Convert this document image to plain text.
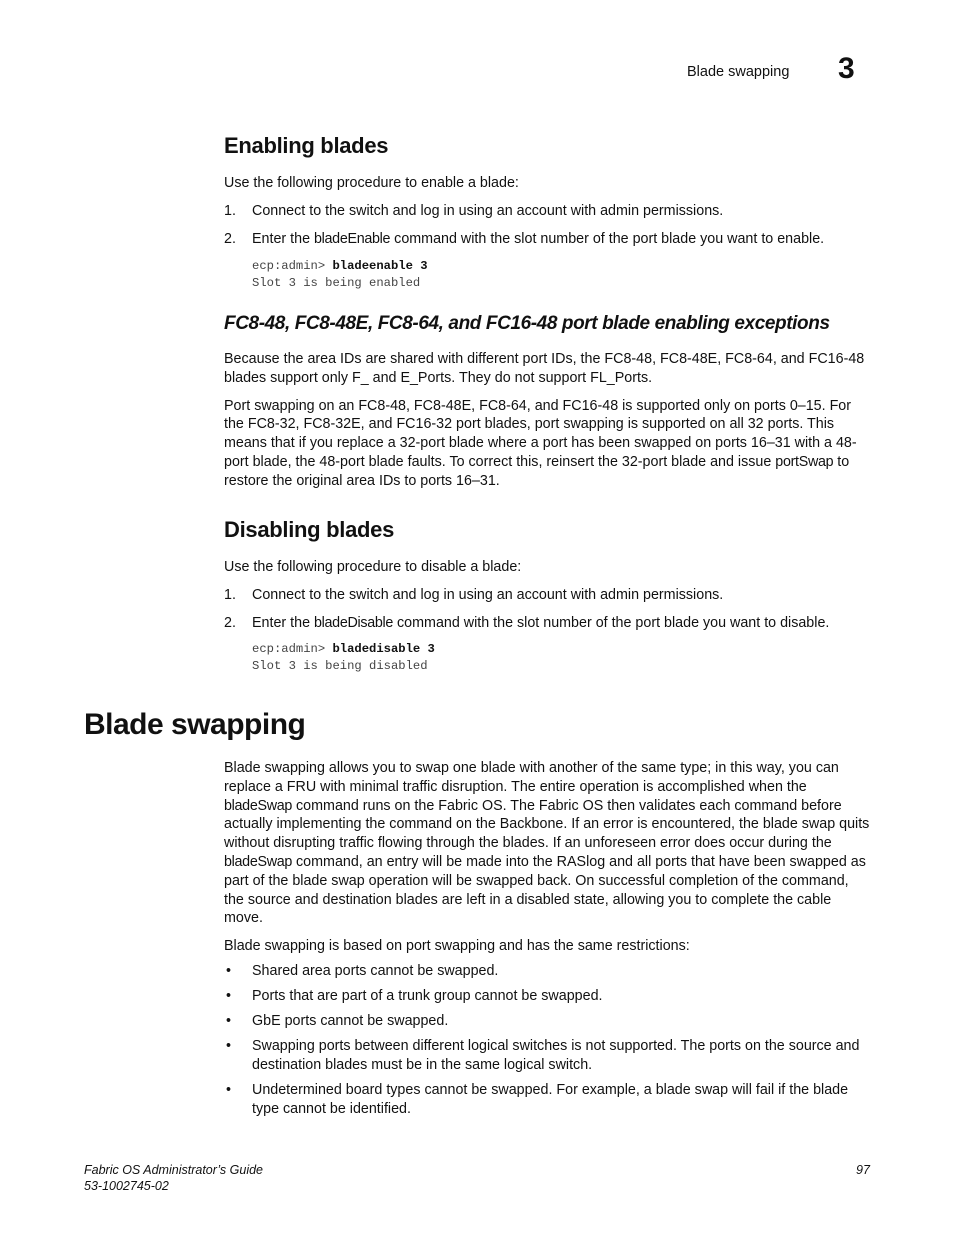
Blade swapping 3
Enabling blades

Use the following procedure to enable a blade:

1. Connect to the switch and log in using an account with admin permissions.
2. Enter the bladeEnable command with the slot number of the port blade you want to enable.
ecp:admin> bladeenable 3
Slot 3 is being enabled
FC8-48, FC8-48E, FC8-64, and FC16-48 port blade enabling exceptions

Because the area IDs are shared with different port IDs, the FC8-48, FC8-48E, FC8-64, and FC16-48 blades support only F_ and E_Ports. They do not support FL_Ports.

Port swapping on an FC8-48, FC8-48E, FC8-64, and FC16-48 is supported only on ports 0–15. For the FC8-32, FC8-32E, and FC16-32 port blades, port swapping is supported on all 32 ports. This means that if you replace a 32-port blade where a port has been swapped on ports 16–31 with a 48-port blade, the 48-port blade faults. To correct this, reinsert the 32-port blade and issue portSwap to restore the original area IDs to ports 16–31.

Disabling blades

Use the following procedure to disable a blade:

1. Connect to the switch and log in using an account with admin permissions.
2. Enter the bladeDisable command with the slot number of the port blade you want to disable.
ecp:admin> bladedisable 3
Slot 3 is being disabled
Blade swapping

Blade swapping allows you to swap one blade with another of the same type; in this way, you can replace a FRU with minimal traffic disruption. The entire operation is accomplished when the bladeSwap command runs on the Fabric OS. The Fabric OS then validates each command before actually implementing the command on the Backbone. If an error is encountered, the blade swap quits without disrupting traffic flowing through the blades. If an unforeseen error does occur during the bladeSwap command, an entry will be made into the RASlog and all ports that have been swapped as part of the blade swap operation will be swapped back. On successful completion of the command, the source and destination blades are left in a disabled state, allowing you to complete the cable move.

Blade swapping is based on port swapping and has the same restrictions:

• Shared area ports cannot be swapped.
• Ports that are part of a trunk group cannot be swapped.
• GbE ports cannot be swapped.
• Swapping ports between different logical switches is not supported. The ports on the source and destination blades must be in the same logical switch.
• Undetermined board types cannot be swapped. For example, a blade swap will fail if the blade type cannot be identified.
Fabric OS Administrator’s Guide
53-1002745-02
97
